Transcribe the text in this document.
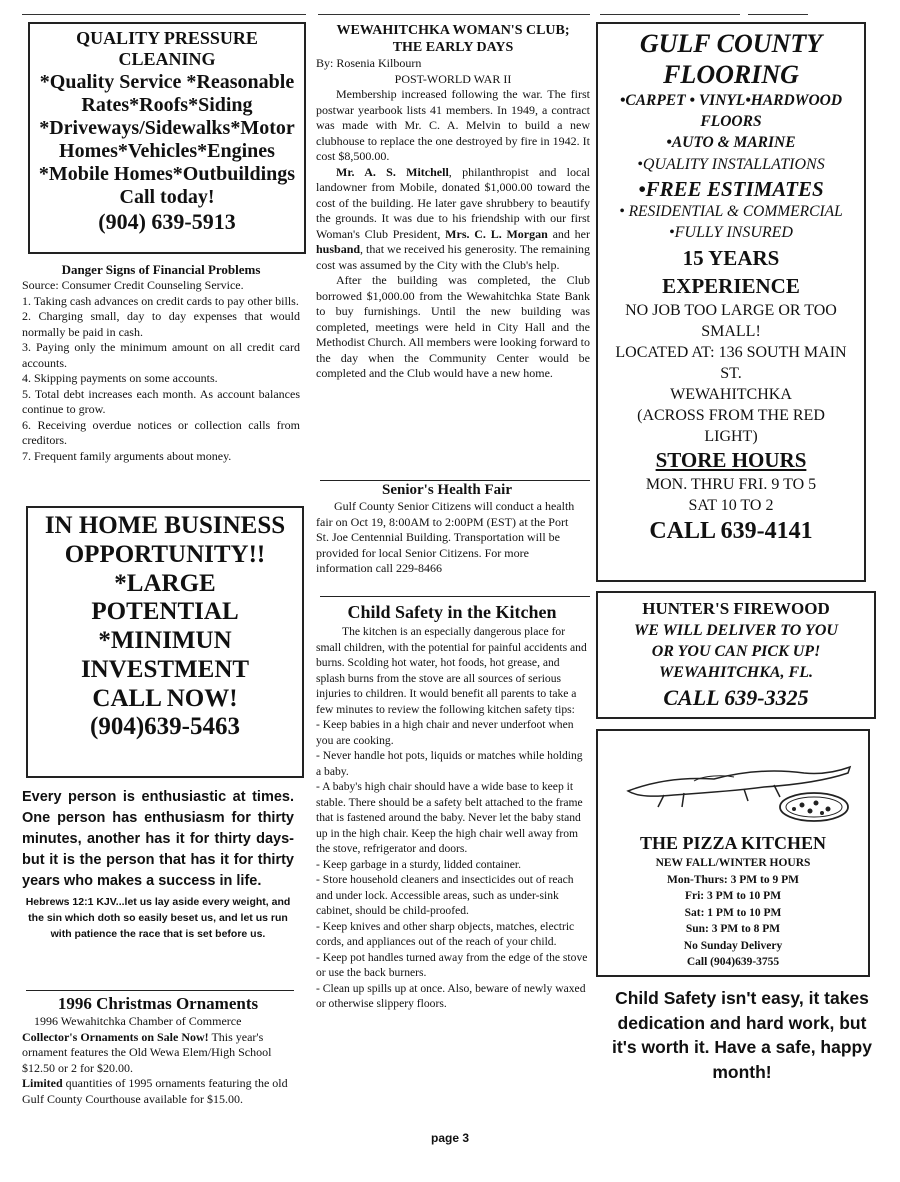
QUALITY PRESSURE
CLEANING
*Quality Service *Reasonable
Rates*Roofs*Siding
*Driveways/Sidewalks*Motor
Homes*Vehicles*Engines
*Mobile Homes*Outbuildings
Call today!
(904) 639-5913
Danger Signs of Financial Problems

Source: Consumer Credit Counseling Service.

1. Taking cash advances on credit cards to pay other bills.

2. Charging small, day to day expenses that would normally be paid in cash.

3. Paying only the minimum amount on all credit card accounts.

4. Skipping payments on some accounts.

5. Total debt increases each month. As account balances continue to grow.

6. Receiving overdue notices or collection calls from creditors.

7. Frequent family arguments about money.

IN HOME BUSINESS
OPPORTUNITY!!
*LARGE
POTENTIAL
*MINIMUN
INVESTMENT
CALL NOW!
(904)639-5463

Every person is enthusiastic at times. One person has enthusiasm for thirty minutes, another has it for thirty days-but it is the person that has it for thirty years who makes a success in life.

Hebrews 12:1 KJV...let us lay aside every weight, and the sin which doth so easily beset us, and let us run with patience the race that is set before us.

1996 Christmas Ornaments

1996 Wewahitchka Chamber of Commerce

Collector's Ornaments on Sale Now! This year's ornament features the Old Wewa Elem/High School $12.50 or 2 for $20.00.

Limited quantities of 1995 ornaments featuring the old Gulf County Courthouse available for $15.00.

WEWAHITCHKA WOMAN'S CLUB;
THE EARLY DAYS
By: Rosenia Kilbourn
POST-WORLD WAR II

Membership increased following the war. The first postwar yearbook lists 41 members. In 1949, a contract was made with Mr. C. A. Melvin to build a new clubhouse to replace the one destroyed by fire in 1942. It cost $8,500.00.

Mr. A. S. Mitchell, philanthropist and local landowner from Mobile, donated $1,000.00 toward the cost of the building. He later gave shrubbery to beautify the grounds. It was due to his friendship with our first Woman's Club President, Mrs. C. L. Morgan and her husband, that we received his generosity. The remaining cost was assumed by the City with the Club's help.

After the building was completed, the Club borrowed $1,000.00 from the Wewahitchka State Bank to buy furnishings. Until the new building was completed, meetings were held in City Hall and the Methodist Church. All members were looking forward to the day when the Community Center would be completed and the Club would have a new home.

Senior's Health Fair

Gulf County Senior Citizens will conduct a health fair on Oct 19, 8:00AM to 2:00PM (EST) at the Port St. Joe Centennial Building. Transportation will be provided for local Senior Citizens. For more information call 229-8466

Child Safety in the Kitchen

The kitchen is an especially dangerous place for small children, with the potential for painful accidents and burns. Scolding hot water, hot foods, hot grease, and splash burns from the stove are all sources of serious injuries to children. It would benefit all parents to take a few minutes to review the following kitchen safety tips:

- Keep babies in a high chair and never underfoot when you are cooking.

- Never handle hot pots, liquids or matches while holding a baby.

- A baby's high chair should have a wide base to keep it stable. There should be a safety belt attached to the frame that is fastened around the baby. Never let the baby stand up in the high chair. Keep the high chair well away from the stove, refrigerator and doors.

- Keep garbage in a sturdy, lidded container.

- Store household cleaners and insecticides out of reach and under lock. Accessible areas, such as under-sink cabinet, should be child-proofed.

- Keep knives and other sharp objects, matches, electric cords, and appliances out of the reach of your child.

- Keep pot handles turned away from the edge of the stove or use the back burners.

- Clean up spills up at once. Also, beware of newly waxed or otherwise slippery floors.

GULF COUNTY
FLOORING
•CARPET • VINYL•HARDWOOD
FLOORS
•AUTO & MARINE
•QUALITY INSTALLATIONS
•FREE ESTIMATES
• RESIDENTIAL & COMMERCIAL
•FULLY INSURED
15 YEARS
EXPERIENCE
NO JOB TOO LARGE OR TOO SMALL!
LOCATED AT: 136 SOUTH MAIN ST.
WEWAHITCHKA
(ACROSS FROM THE RED LIGHT)
STORE HOURS
MON. THRU FRI. 9 TO 5
SAT 10 TO 2
CALL 639-4141
HUNTER'S FIREWOOD
WE WILL DELIVER TO YOU
OR YOU CAN PICK UP!
WEWAHITCHKA, FL.
CALL 639-3325
THE PIZZA KITCHEN
NEW FALL/WINTER HOURS
Mon-Thurs: 3 PM to 9 PM
Fri: 3 PM to 10 PM
Sat: 1 PM to 10 PM
Sun: 3 PM to 8 PM
No Sunday Delivery
Call (904)639-3755

Child Safety isn't easy, it takes dedication and hard work, but it's worth it. Have a safe, happy month!

page 3
